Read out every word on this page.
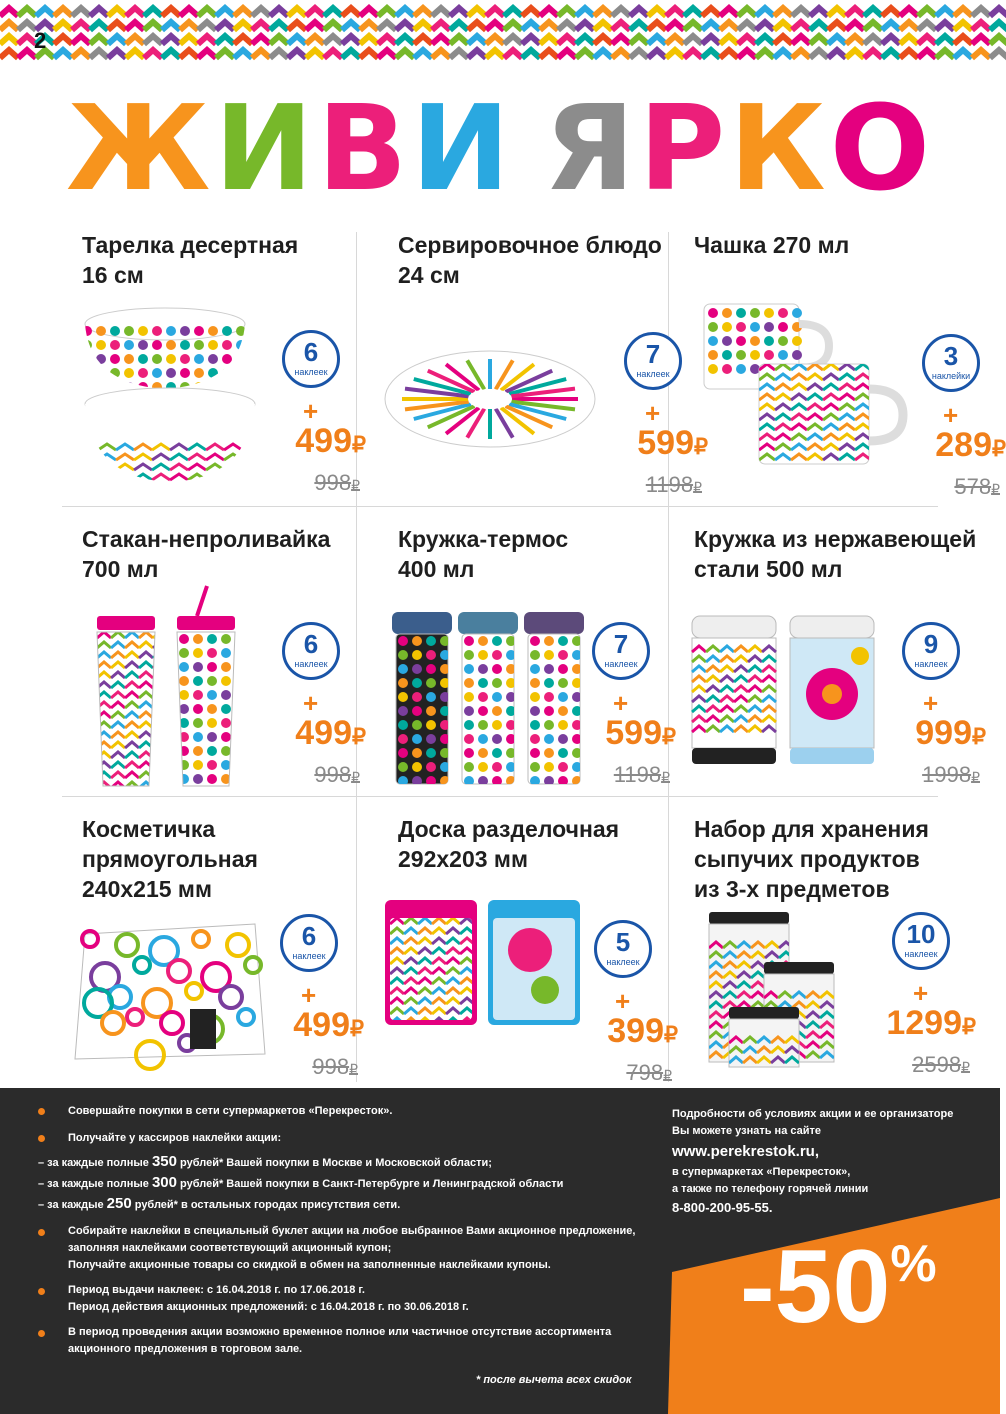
2
ЖИВИ ЯРКО
Тарелка десертная
16 см
6
наклеек
+
499₽
998₽
Сервировочное блюдо
24 см
7
наклеек
+
599₽
1198₽
Чашка 270 мл
3
наклейки
+
289₽
578₽
Стакан-непроливайка
700 мл
6
наклеек
+
499₽
998₽
Кружка-термос
400 мл
7
наклеек
+
599₽
1198₽
Кружка из нержавеющей
стали 500 мл
9
наклеек
+
999₽
1998₽
Косметичка
прямоугольная
240х215 мм
6
наклеек
+
499₽
998₽
Доска разделочная
292х203 мм
5
наклеек
+
399₽
798₽
Набор для хранения
сыпучих продуктов
из 3-х предметов
10
наклеек
+
1299₽
2598₽
Совершайте покупки в сети супермаркетов «Перекресток».
Получайте у кассиров наклейки акции:
– за каждые полные 350 рублей* Вашей покупки в Москве и Московской области;
– за каждые полные 300 рублей* Вашей покупки в Санкт-Петербурге и Ленинградской области
– за каждые 250 рублей* в остальных городах присутствия сети.
Собирайте наклейки в специальный буклет акции на любое выбранное Вами акционное предложение,
заполняя наклейками соответствующий акционный купон;
Получайте акционные товары со скидкой в обмен на заполненные наклейками купоны.
Период выдачи наклеек: с 16.04.2018 г. по 17.06.2018 г.
Период действия акционных предложений: с 16.04.2018 г. по 30.06.2018 г.
В период проведения акции возможно временное полное или частичное отсутствие ассортимента
акционного предложения в торговом зале.
* после вычета всех скидок
Подробности об условиях акции и ее организаторе
Вы можете узнать на сайте
www.perekrestok.ru,
в супермаркетах «Перекресток»,
а также по телефону горячей линии
8-800-200-95-55.
-50%
